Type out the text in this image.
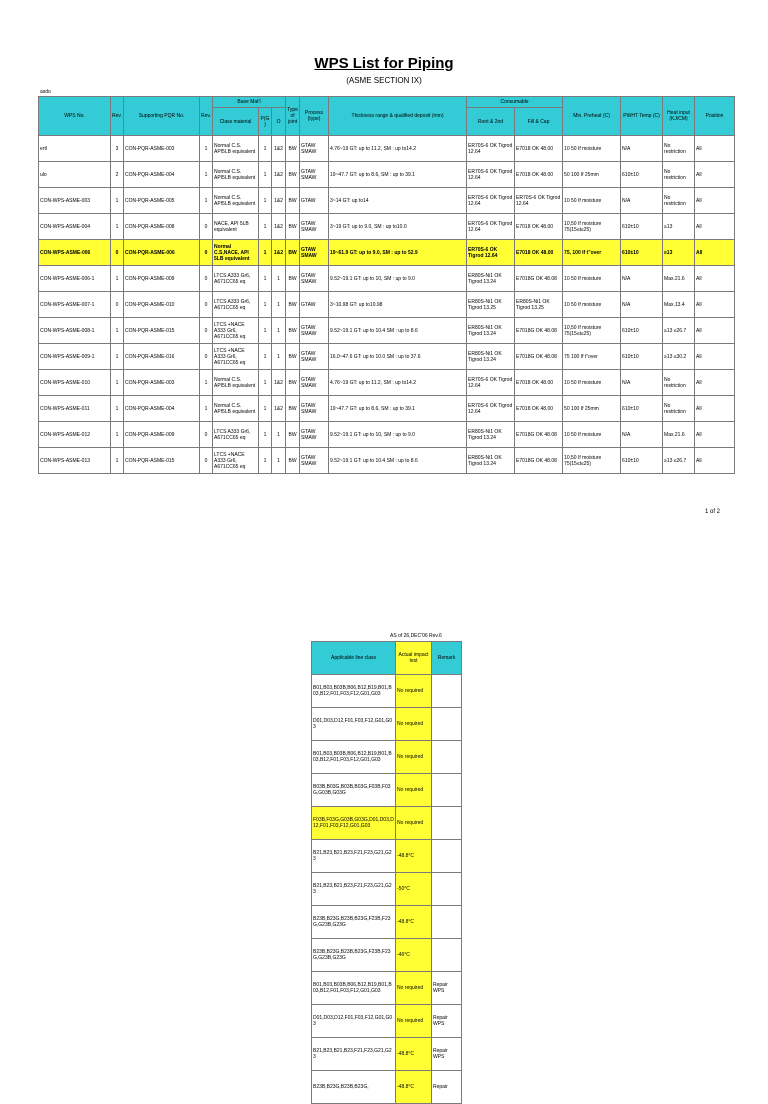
WPS List for Piping
(ASME SECTION IX)
asdo
WPS No.	Rev.	Supporting PQR No.	Rev.	Base Mat'l			Type of joint	Process (type)	Thickness range & qualified deposit (mm)	Consumable		Min. Preheat (C)	PWHT Temp (C)	Heat input (KJ/CM)	Position
				Class material	P(G)	O				Root & 2nd	Fill & Cap				
ertl	3	CON-PQR-ASME-003	1	Normal C.S. API5LB equivalent	1	1&2	BW	GTAW SMAW	4.76~19 GT: up to 11.2, SM : up to14.2	ER70S-6 OK Tigrod 12.64	E7018 OK 48.00	10 50 If moisture	N/A	No restriction	All
ulo	2	CON-PQR-ASME-004	1	Normal C.S. API5LB equivalent	1	1&2	BW	GTAW SMAW	19~47.7 GT: up to 8.6, SM : up to 39.1	ER70S-6 OK Tigrod 12.64	E7018 OK 48.00	50 100 If 25mm	610±10	No restriction	All
CON-WPS-ASME-003	1	CON-PQR-ASME-005	1	Normal C.S. API5LB equivalent	1	1&2	BW	GTAW	3~14 GT: up to14	ER70S-6 OK Tigrod 12.64	ER70S-6 OK Tigrod 12.64	10 50 If moisture	N/A	No restriction	All
CON-WPS-ASME-004	1	CON-PQR-ASME-008	0	NACE, API 5LB equivalent	1	1&2	BW	GTAW SMAW	3~19 GT: up to 9.0, SM : up to10.0	ER70S-6 OK Tigrod 12.64	E7018 OK 48.00	10,50 If moisture 75(15≤t≤25)	610±10	≥13	All
CON-WPS-ASME-006	0	CON-PQR-ASME-006	0	Normal C.S,NACE, API 5LB equivalent	1	1&2	BW	GTAW SMAW	19~61.9 GT: up to 9.0, SM : up to 52.9	ER70S-6 OK Tigrod 12.64	E7018 OK 48.00	75, 100 If t"over	610±10	≥13	All
CON-WPS-ASME-006-1	1	CON-PQR-ASME-009	0	LTCS A333 Gr6, A671CC65 eq	1	1	BW	GTAW SMAW	9.52~19.1 GT: up to 10, SM : up to 9.0	ER80S-Ni1 OK Tigrod 13.24	E7018G OK 48.08	10 50 If moisture	N/A	Max.21.6	All
CON-WPS-ASME-007-1	0	CON-PQR-ASME-010	0	LTCS A333 Gr6, A671CC65 eq	1	1	BW	GTAW	3~10.98 GT: up to10.98	ER80S-Ni1 OK Tigrod 13.25	ER80S-Ni1 OK Tigrod 13.25	10 50 If moisture	N/A	Max.13.4	All
CON-WPS-ASME-008-1	1	CON-PQR-ASME-015	0	LTCS +NACE A333 Gr6, A671CC65 eq	1	1	BW	GTAW SMAW	9.52~19.1 GT: up to 10.4 SM : up to 8.6	ER80S-Ni1 OK Tigrod 13.24	E7018G OK 48.08	10,50 If moisture 75(15≤t≤25)	610±10	≥13 ≤26.7	All
CON-WPS-ASME-009-1	1	CON-PQR-ASME-016	0	LTCS +NACE A333 Gr6, A671CC65 eq	1	1	BW	GTAW SMAW	16.0~47.6 GT: up to 10.0 SM : up to 37.6	ER80S-Ni1 OK Tigrod 13.24	E7018G OK 48.08	75 100 If t"over	610±10	≥13 ≤30.2	All
CON-WPS-ASME-010	1	CON-PQR-ASME-003	1	Normal C.S. API5LB equivalent	1	1&2	BW	GTAW SMAW	4.76~19 GT: up to 11.2, SM : up to14.2	ER70S-6 OK Tigrod 12.64	E7018 OK 48.00	10 50 If moisture	N/A	No restriction	All
CON-WPS-ASME-011	1	CON-PQR-ASME-004	1	Normal C.S. API5LB equivalent	1	1&2	BW	GTAW SMAW	19~47.7 GT: up to 8.6, SM : up to 39.1	ER70S-6 OK Tigrod 12.64	E7018 OK 48.00	50 100 If 25mm	610±10	No restriction	All
CON-WPS-ASME-012	1	CON-PQR-ASME-009	0	LTCS A333 Gr6, A671CC65 eq	1	1	BW	GTAW SMAW	9.52~19.1 GT: up to 10, SM : up to 9.0	ER80S-Ni1 OK Tigrod 13.24	E7018G OK 48.08	10 50 If moisture	N/A	Max.21.6	All
CON-WPS-ASME-013	1	CON-PQR-ASME-015	0	LTCS +NACE A333 Gr6, A671CC65 eq	1	1	BW	GTAW SMAW	9.52~19.1 GT: up to 10.4 SM : up to 8.6	ER80S-Ni1 OK Tigrod 13.24	E7018G OK 48.08	10,50 If moisture 75(15≤t≤25)	610±10	≥13 ≤26.7	All
1 of 2
AS of 26,DEC'06 Rev.6
Applicable line class	Actual impact test	Remark
B01,B03,B03B,B06,B12,B19,B01,B03,B12,F01,F03,F12,G01,G03	No required	
D01,D03,D12,F01,F03,F12,G01,G03	No required	
B01,B03,B03B,B06,B12,B19,B01,B03,B12,F01,F03,F12,G01,G03	No required	
B03B,B03G,B03B,B03G,F03B,F03G,G03B,G03G	No required	
F03B,F03G,G03B,G03G,D01,D03,D12,F01,F03,F12,G01,G03	No required	
B21,B23,B21,B23,F21,F23,G21,G23	-48.8°C	
B21,B23,B21,B23,F21,F23,G21,G23	-50°C	
B23B,B23G,B23B,B23G,F23B,F23G,G23B,G23G	-48.8°C	
B23B,B23G,B23B,B23G,F23B,F23G,G23B,G23G	-46°C	
B01,B03,B03B,B06,B12,B19,B01,B03,B12,F01,F03,F12,G01,G03	No required	Repair WPS
D01,D03,D12,F01,F03,F12,G01,G03	No required	Repair WPS
B21,B23,B21,B23,F21,F23,G21,G23	-48.8°C	Repair WPS
B23B,B23G,B23B,B23G,	-48.8°C	Repair
